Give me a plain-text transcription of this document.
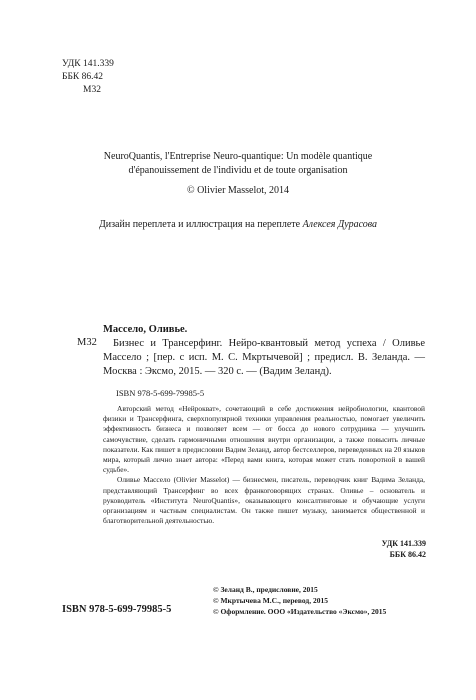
УДК 141.339
ББК 86.42
М32
NeuroQuantis, l'Entreprise Neuro-quantique: Un modèle quantique
d'épanouissement de l'individu et de toute organisation
© Olivier Masselot, 2014
Дизайн переплета и иллюстрация на переплете Алексея Дурасова
М32
Масселo, Оливье.
Бизнес и Трансерфинг. Нейро-квантовый метод успеха / Оливье Масселo ; [пер. с исп. М. С. Мкртычевой] ; предисл. В. Зеланда. — Москва : Эксмо, 2015. — 320 с. — (Вадим Зеланд).
ISBN 978-5-699-79985-5

Авторский метод «Нейрокват», сочетающий в себе достижения нейробиологии, квантовой физики и Трансерфинга, сверхпопулярной техники управления реальностью, помогает увеличить эффективность бизнеса и позволяет всем — от босса до нового сотрудника — улучшить самочувствие, сделать гармоничными отношения внутри организации, а также повысить личные показатели. Как пишет в предисловии Вадим Зеланд, автор бестселлеров, переведенных на 20 языков мира, который лично знает автора: «Перед вами книга, которая может стать поворотной в вашей судьбе».

Оливье Масселo (Olivier Masselot) — бизнесмен, писатель, переводчик книг Вадима Зеланда, представляющий Трансерфинг во всех франкоговорящих странах. Оливье – основатель и руководитель «Института NeuroQuantis», оказывающего консалтинговые и обучающие услуги организациям и частным специалистам. Он также пишет музыку, занимается общественной и благотворительной деятельностью.

УДК 141.339
ББК 86.42
© Зеланд В., предисловие, 2015
© Мкртычева М.С., перевод, 2015
© Оформление. ООО «Издательство «Эксмо», 2015
ISBN 978-5-699-79985-5
